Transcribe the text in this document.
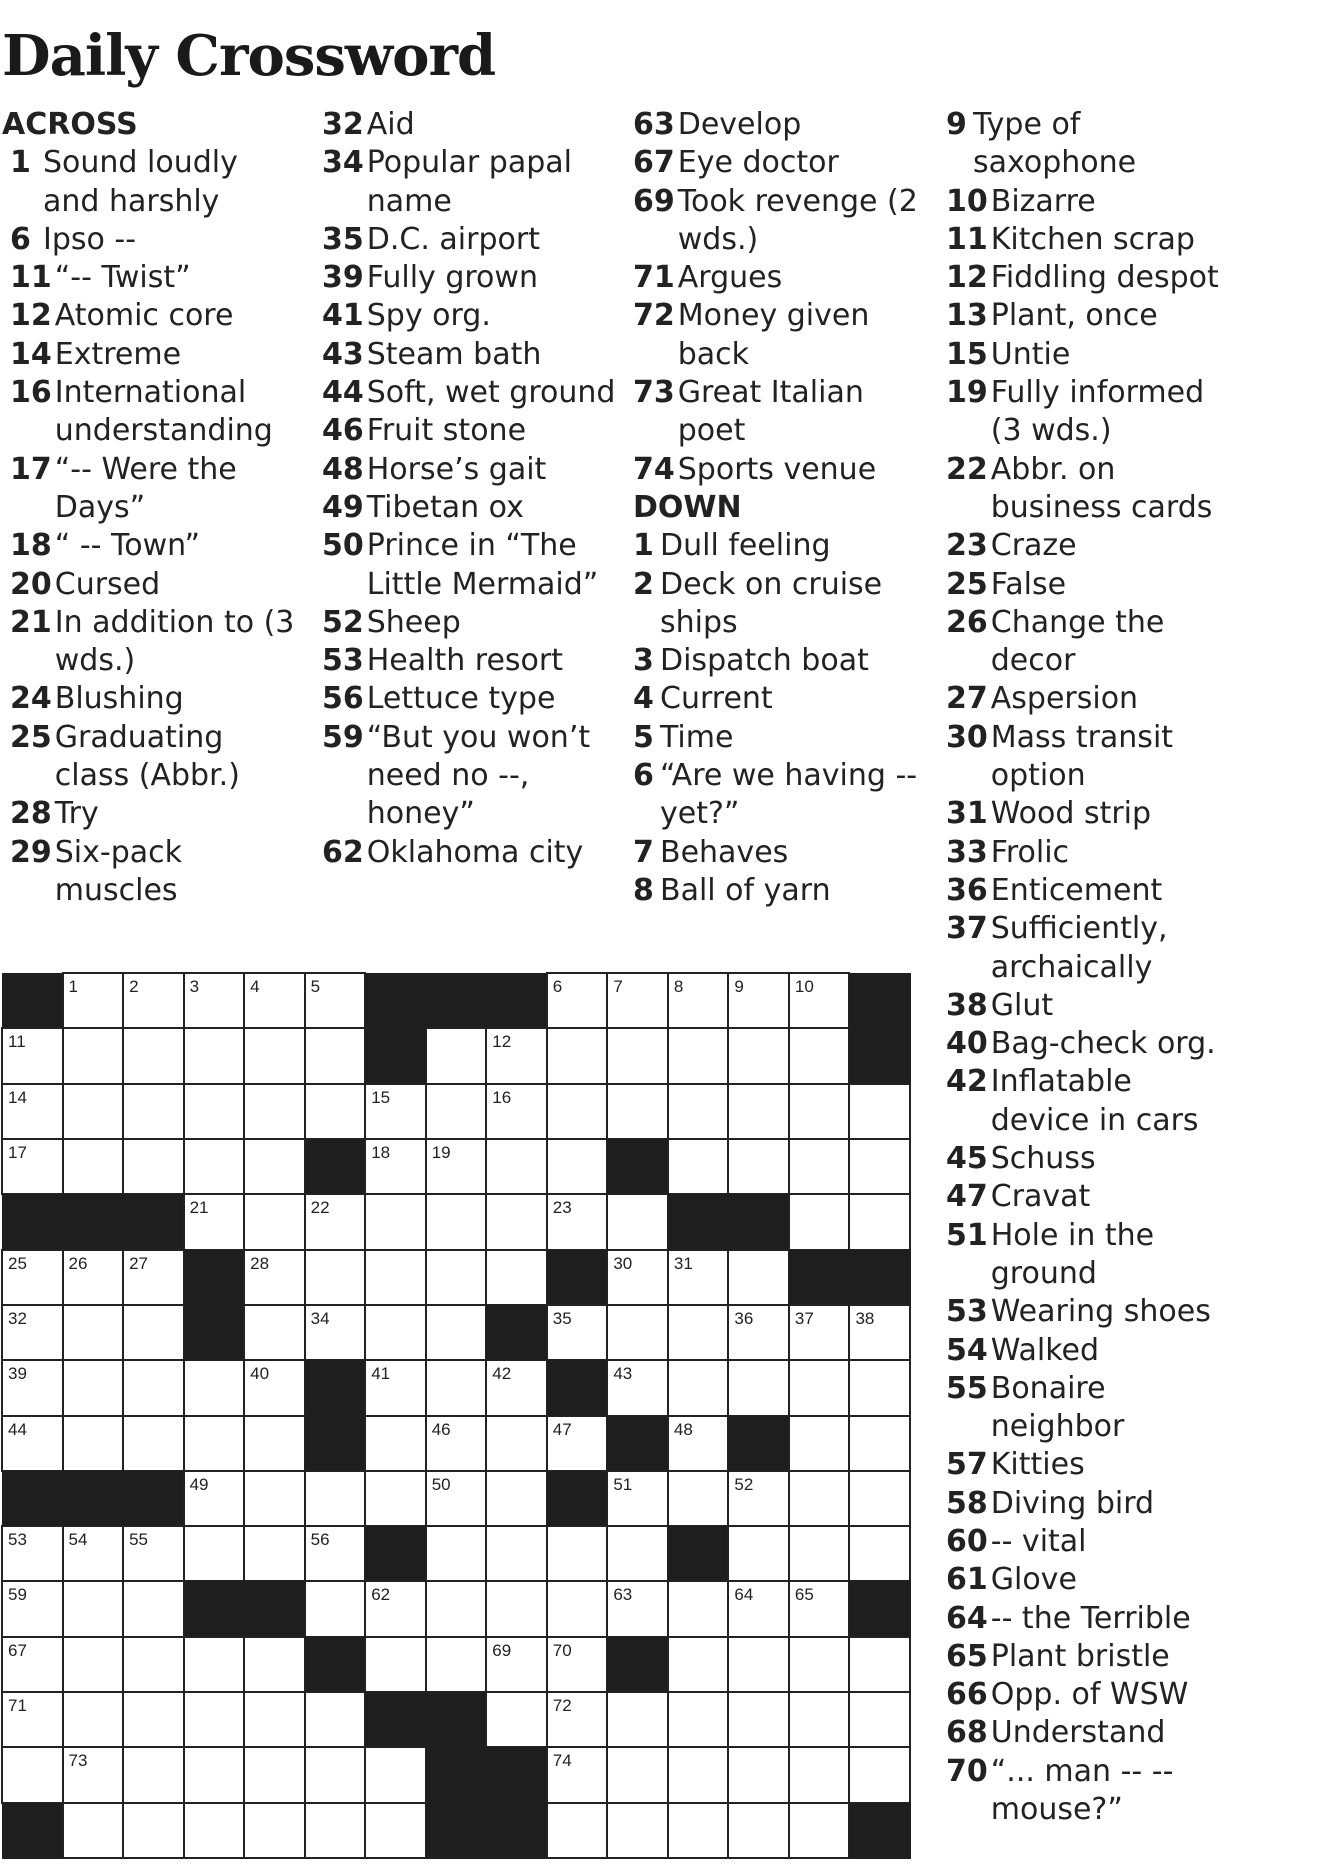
Daily Crossword
ACROSS
1 Sound loudly and harshly
6 Ipso --
11 “-- Twist”
12 Atomic core
14 Extreme
16 International understanding
17 “-- Were the Days”
18 “ -- Town”
20 Cursed
21 In addition to (3 wds.)
24 Blushing
25 Graduating class (Abbr.)
28 Try
29 Six-pack muscles
32 Aid
34 Popular papal name
35 D.C. airport
39 Fully grown
41 Spy org.
43 Steam bath
44 Soft, wet ground
46 Fruit stone
48 Horse’s gait
49 Tibetan ox
50 Prince in “The Little Mermaid”
52 Sheep
53 Health resort
56 Lettuce type
59 “But you won’t need no --, honey”
62 Oklahoma city
63 Develop
67 Eye doctor
69 Took revenge (2 wds.)
71 Argues
72 Money given back
73 Great Italian poet
74 Sports venue
DOWN
1 Dull feeling
2 Deck on cruise ships
3 Dispatch boat
4 Current
5 Time
6 “Are we having -- yet?”
7 Behaves
8 Ball of yarn
9 Type of saxophone
10 Bizarre
11 Kitchen scrap
12 Fiddling despot
13 Plant, once
15 Untie
19 Fully informed (3 wds.)
22 Abbr. on business cards
23 Craze
25 False
26 Change the decor
27 Aspersion
30 Mass transit option
31 Wood strip
33 Frolic
36 Enticement
37 Sufficiently, archaically
38 Glut
40 Bag-check org.
42 Inflatable device in cars
45 Schuss
47 Cravat
51 Hole in the ground
53 Wearing shoes
54 Walked
55 Bonaire neighbor
57 Kitties
58 Diving bird
60 -- vital
61 Glove
64 -- the Terrible
65 Plant bristle
66 Opp. of WSW
68 Understand
70 “... man -- -- mouse?”
1	2	3	4	5	6	7	8	9	10
11	12
14	15	16
17	18 19
21	22	23
25 26 27	28	30 31
32	34	35	36 37 38
39	40	41	42	43
44	46	47	48
49	50	51	52
53 54 55	56
59	62	63	64 65
67	69 70
71	72
73	74
